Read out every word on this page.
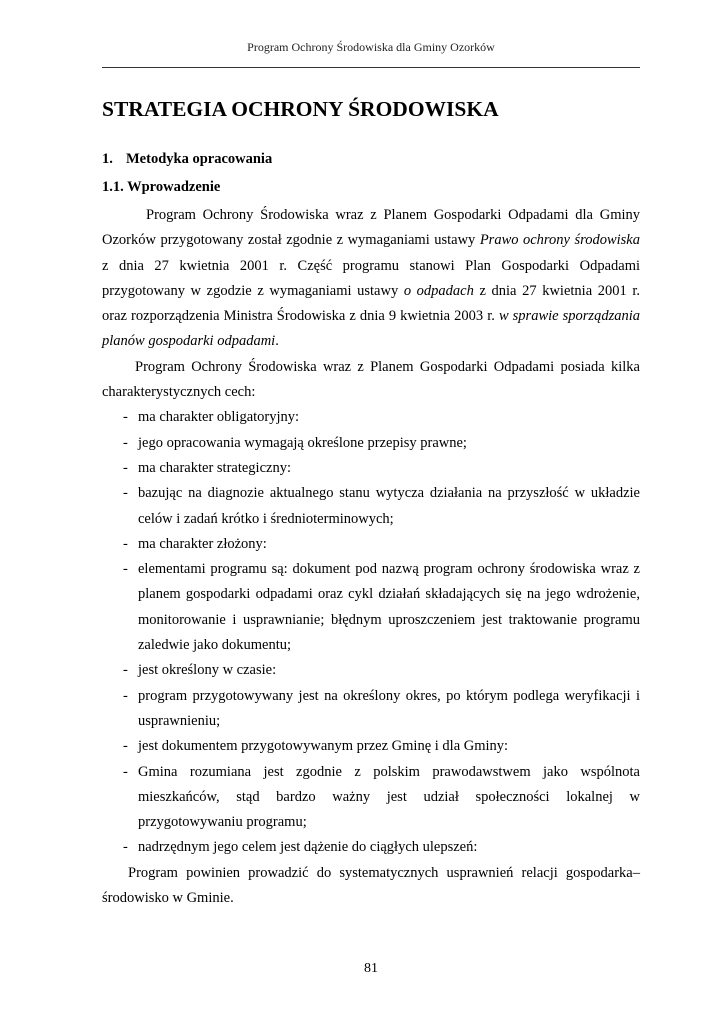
Program Ochrony Środowiska dla Gminy Ozorków
STRATEGIA OCHRONY ŚRODOWISKA
1. Metodyka opracowania
1.1. Wprowadzenie

Program Ochrony Środowiska wraz z Planem Gospodarki Odpadami dla Gminy Ozorków przygotowany został zgodnie z wymaganiami ustawy Prawo ochrony środowiska z dnia 27 kwietnia 2001 r. Część programu stanowi Plan Gospodarki Odpadami przygotowany w zgodzie z wymaganiami ustawy o odpadach z dnia 27 kwietnia 2001 r. oraz rozporządzenia Ministra Środowiska z dnia 9 kwietnia 2003 r. w sprawie sporządzania planów gospodarki odpadami.

Program Ochrony Środowiska wraz z Planem Gospodarki Odpadami posiada kilka charakterystycznych cech:

- ma charakter obligatoryjny:
- jego opracowania wymagają określone przepisy prawne;
- ma charakter strategiczny:
- bazując na diagnozie aktualnego stanu wytycza działania na przyszłość w układzie celów i zadań krótko i średnioterminowych;
- ma charakter złożony:
- elementami programu są: dokument pod nazwą program ochrony środowiska wraz z planem gospodarki odpadami oraz cykl działań składających się na jego wdrożenie, monitorowanie i usprawnianie; błędnym uproszczeniem jest traktowanie programu zaledwie jako dokumentu;
- jest określony w czasie:
- program przygotowywany jest na określony okres, po którym podlega weryfikacji i usprawnieniu;
- jest dokumentem przygotowywanym przez Gminę i dla Gminy:
- Gmina rozumiana jest zgodnie z polskim prawodawstwem jako wspólnota mieszkańców, stąd bardzo ważny jest udział społeczności lokalnej w przygotowywaniu programu;
- nadrzędnym jego celem jest dążenie do ciągłych ulepszeń:

Program powinien prowadzić do systematycznych usprawnień relacji gospodarka–środowisko w Gminie.

81
